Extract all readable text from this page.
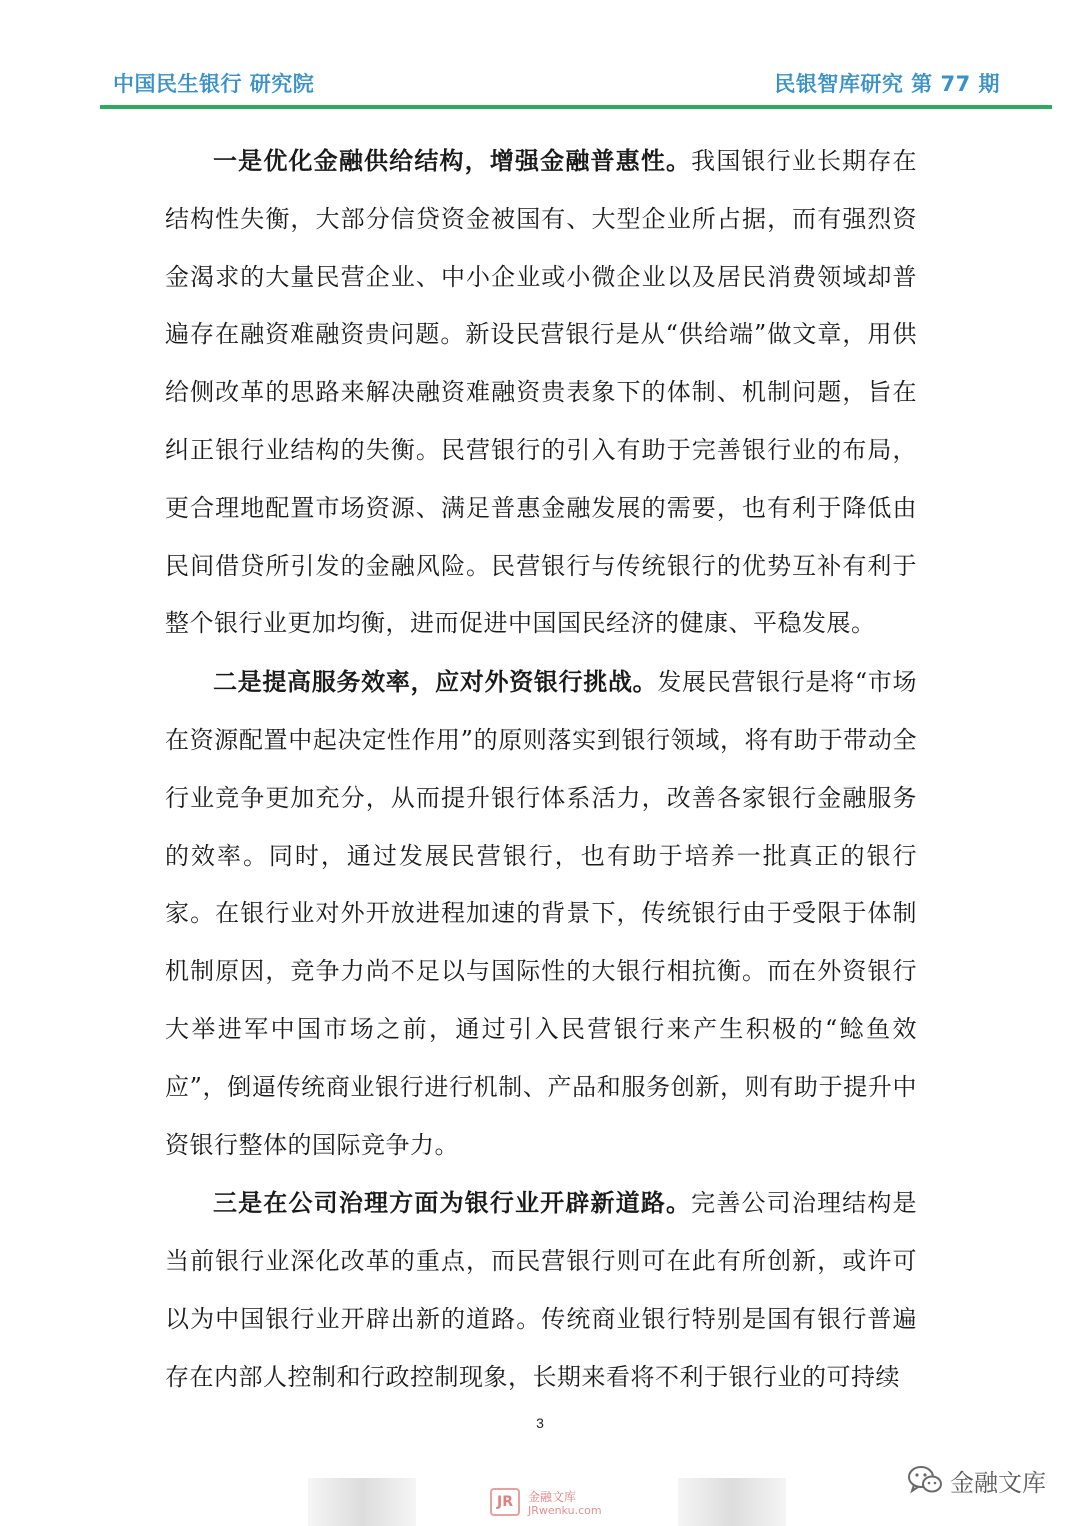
中国民生银行 研究院	民银智库研究 第 77 期

一是优化金融供给结构，增强金融普惠性。我国银行业长期存在结构性失衡，大部分信贷资金被国有、大型企业所占据，而有强烈资金渴求的大量民营企业、中小企业或小微企业以及居民消费领域却普遍存在融资难融资贵问题。新设民营银行是从“供给端”做文章，用供给侧改革的思路来解决融资难融资贵表象下的体制、机制问题，旨在纠正银行业结构的失衡。民营银行的引入有助于完善银行业的布局，更合理地配置市场资源、满足普惠金融发展的需要，也有利于降低由民间借贷所引发的金融风险。民营银行与传统银行的优势互补有利于整个银行业更加均衡，进而促进中国国民经济的健康、平稳发展。

二是提高服务效率，应对外资银行挑战。发展民营银行是将“市场在资源配置中起决定性作用”的原则落实到银行领域，将有助于带动全行业竞争更加充分，从而提升银行体系活力，改善各家银行金融服务的效率。同时，通过发展民营银行，也有助于培养一批真正的银行家。在银行业对外开放进程加速的背景下，传统银行由于受限于体制机制原因，竞争力尚不足以与国际性的大银行相抗衡。而在外资银行大举进军中国市场之前，通过引入民营银行来产生积极的“鲶鱼效应”，倒逼传统商业银行进行机制、产品和服务创新，则有助于提升中资银行整体的国际竞争力。

三是在公司治理方面为银行业开辟新道路。完善公司治理结构是当前银行业深化改革的重点，而民营银行则可在此有所创新，或许可以为中国银行业开辟出新的道路。传统商业银行特别是国有银行普遍存在内部人控制和行政控制现象，长期来看将不利于银行业的可持续

3
JR	金融文库
JRwenku.com
金融文库
